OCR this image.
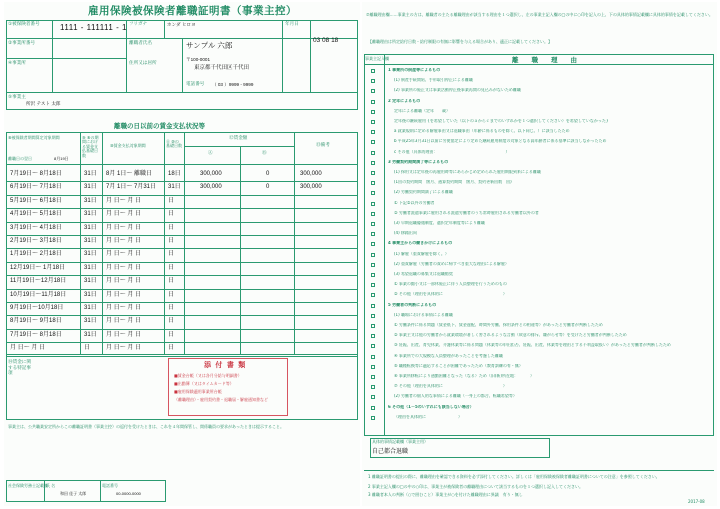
雇用保険被保険者離職証明書（事業主控）
①被保険者番号	1111 - 111111 - 1 フリガナ	ホンダ ヒロヨ
②事業所番号	離職者氏名	サンプル 六郎
年月日
03 08 18
④事業所	住所又は居所
〒100-0001
東京都千代田区千代田
電話番号 （ 03 ）9999 - 9999
⑤事業主
所沢 テスト 太郎
離職の日以前の賃金支払状況等
⑧被保険者期間算定対象期間	⑨ ⑧の期間における賃金支払基礎日数
⑩賃金支払対象期間
⑪ ⑩の基礎日数
⑫賃金額
Ⓐ	Ⓑ
⑬備考
離職日の翌日	8月19日
7月19日～ 8月18日	31日 8月 1日～ 離職日	18日	300,000	0	300,000
6月19日～ 7月18日	31日 7月 1日～ 7月31日 31日	300,000	0	300,000
5月19日～ 6月18日	31日 月 日～ 月 日	日
4月19日～ 5月18日	31日 月 日～ 月 日	日
3月19日～ 4月18日	31日 月 日～ 月 日	日
2月19日～ 3月18日	31日 月 日～ 月 日	日
1月19日～ 2月18日	31日 月 日～ 月 日	日
12月19日～ 1月18日	31日 月 日～ 月 日	日
11月19日～12月18日	31日 月 日～ 月 日	日
10月19日～11月18日	31日 月 日～ 月 日	日
9月19日～10月18日	31日 月 日～ 月 日	日
8月19日～ 9月18日	31日 月 日～ 月 日	日
7月19日～ 8月18日	31日 月 日～ 月 日	日
月 日～ 月 日	日	月 日～ 月 日	日
⑭賃金に関する特記事項
添 付 書 類
■賃金台帳（又は各月分給与明細書）
■出勤簿（又はタイムカード等）
■雇用保険適用事業所台帳
（離職理由）・雇用契約書・退職届・解雇通知書など
事業主は、公共職業安定所からこの離職証明書（事業主控）の返付を受けたときは、これを４年間保管し、関係職員の要求があったときは提示すること。
社会保険労務士記載欄
氏 名
和田 佳子 太郎
電話番号
00-0000-0000
⑦離職理由欄……事業主の方は、離職者の主たる離職理由が該当する理由を１つ選択し、左の事業主記入欄の□の中に○印を記入の上、下の具体的事情記載欄に具体的事情を記載してください。
【離職理由は所定給付日数・給付制限の有無に影響を与える場合があり、適正に記載してください。】
事業主記入欄	離　　職　　理　　由
1 事業所の倒産等によるもの
(1) 倒産手続開始、手形取引停止による離職
(2) 事業所の廃止又は事業活動停止後事業再開の見込みがないため離職
2 定年によるもの
定年による離職（定年　　歳）
定年後の継続雇用 {を希望していた（以下のａからｃまでのいずれかを１つ選択してください）を希望していなかった}
a 就業規則に定める解雇事由又は退職事由（年齢に係るものを除く。以下同じ。）に該当したため
b 平成25年3月31日以前に労使協定により定めた継続雇用制度の対象となる高年齢者に係る基準に該当しなかったため
c その他（具体的理由：　　　　　　　　　　　　　　　　　）
3 労働契約期間満了等によるもの
(1) 採用又は定年後の再雇用時等にあらかじめ定められた雇用期限到来による離職
(1回の契約期間　箇月、通算契約期間　箇月、契約更新回数　回)
(2) 労働契約期間満了による離職
① 下記②以外の労働者
② 労働者派遣事業に雇用される派遣労働者のうち常時雇用される労働者以外の者
(3) 早期退職優遇制度、選択定年制度等により離職
(4) 移籍出向
4 事業主からの働きかけによるもの
(1) 解雇（重責解雇を除く。）
(2) 重責解雇（労働者の責めに帰すべき重大な理由による解雇）
(3) 希望退職の募集又は退職勧奨
① 事業の縮小又は一部休廃止に伴う人員整理を行うためのもの
② その他（理由を具体的に　　　　　　　　　　　　　　　）
5 労働者の判断によるもの
(1) 職場における事情による離職
① 労働条件に係る問題（賃金低下、賃金遅配、時間外労働、採用条件との相違等）があったと労働者が判断したため
② 事業主又は他の労働者から就業環境が著しく害されるような言動（故意の排斥、嫌がらせ等）を受けたと労働者が判断したため
③ 妊娠、出産、育児休業、介護休業等に係る問題（休業等の申出拒否、妊娠、出産、休業等を理由とする不利益取扱い）があったと労働者が判断したため
④ 事業所での大規模な人員整理があったことを考慮した離職
⑤ 職種転換等に適応することが困難であったため（教育訓練の有・無）
⑥ 事業所移転により通勤困難となった（なる）ため（旧(新)所在地：　　　）
⑦ その他（理由を具体的に　　　　　　　　　　　　　　　）
(2) 労働者の個人的な事情による離職（一身上の都合、転職希望等）
6 その他（1－5のいずれにも該当しない場合）
（理由を具体的に　　　　　　　　）
具体的事情記載欄（事業主用）
自己都合退職
1 離職証明書の提出の際に、離職理由を確認できる資料を必ず添付してください。詳しくは「雇用保険被保険者離職証明書についての注意」を参照してください。
2 事業主記入欄の□の中の○印は、事業主が被保険者の離職理由について該当するものを１つ選択し記入してください。
3 離職者本人の判断（○で囲むこと）事業主が○を付けた離職理由に異議　有り・無し
2017-08
